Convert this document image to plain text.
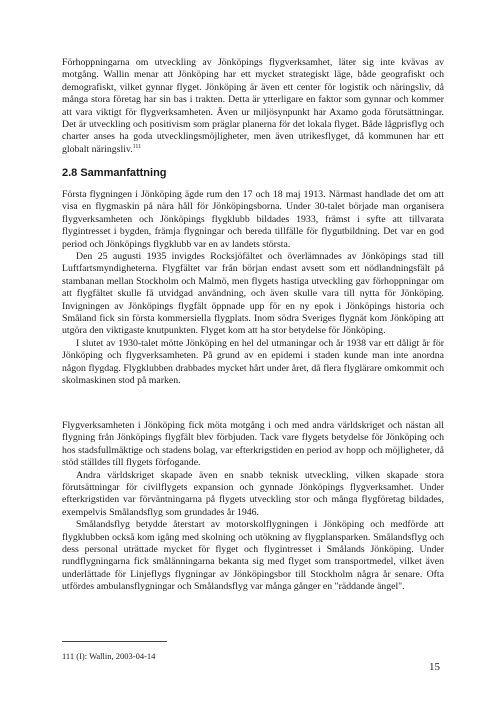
Förhoppningarna om utveckling av Jönköpings flygverksamhet, läter sig inte kvävas av motgång. Wallin menar att Jönköping har ett mycket strategiskt läge, både geografiskt och demografiskt, vilket gynnar flyget. Jönköping är även ett center för logistik och näringsliv, då många stora företag har sin bas i trakten. Detta är ytterligare en faktor som gynnar och kommer att vara viktigt för flygverksamheten. Även ur miljösynpunkt har Axamo goda förutsättningar. Det är utveckling och positivism som präglar planerna för det lokala flyget. Både lågprisflyg och charter anses ha goda utvecklingsmöjligheter, men även utrikesflyget, då kommunen har ett globalt näringsliv.$^{111}$

2.8 Sammanfattning

Första flygningen i Jönköping ägde rum den 17 och 18 maj 1913. Närmast handlade det om att visa en flygmaskin på nära håll för Jönköpingsborna. Under 30-talet började man organisera flygverksamheten och Jönköpings flygklubb bildades 1933, främst i syfte att tillvarata flygintresset i bygden, främja flygningar och bereda tillfälle för flygutbildning. Det var en god period och Jönköpings flygklubb var en av landets största.

Den 25 augusti 1935 invigdes Rocksjöfältet och överlämnades av Jönköpings stad till Luftfartsmyndigheterna. Flygfältet var från början endast avsett som ett nödlandningsfält på stambanan mellan Stockholm och Malmö, men flygets hastiga utveckling gav förhoppningar om att flygfältet skulle få utvidgad användning, och även skulle vara till nytta för Jönköping. Invigningen av Jönköpings flygfält öppnade upp för en ny epok i Jönköpings historia och Småland fick sin första kommersiella flygplats. Inom södra Sveriges flygnät kom Jönköping att utgöra den viktigaste knutpunkten. Flyget kom att ha stor betydelse för Jönköping.

I slutet av 1930-talet mötte Jönköping en hel del utmaningar och år 1938 var ett dåligt år för Jönköping och flygverksamheten. På grund av en epidemi i staden kunde man inte anordna någon flygdag. Flygklubben drabbades mycket hårt under året, då flera flyglärare omkommit och skolmaskinen stod på marken.

Flygverksamheten i Jönköping fick möta motgång i och med andra världskriget och nästan all flygning från Jönköpings flygfält blev förbjuden. Tack vare flygets betydelse för Jönköping och hos stadsfullmäktige och stadens bolag, var efterkrigstiden en period av hopp och möjligheter, då stöd ställdes till flygets förfogande.

Andra världskriget skapade även en snabb teknisk utveckling, vilken skapade stora förutsättningar för civilflygets expansion och gynnade Jönköpings flygverksamhet. Under efterkrigstiden var förväntningarna på flygets utveckling stor och många flygföretag bildades, exempelvis Smålandsflyg som grundades år 1946.

Smålandsflyg betydde återstart av motorskolflygningen i Jönköping och medförde att flygklubben också kom igång med skolning och utökning av flygplansparken. Smålandsflyg och dess personal uträttade mycket för flyget och flygintresset i Smålands Jönköping. Under rundflygningarna fick smålänningarna bekanta sig med flyget som transportmedel, vilket även underlättade för Linjeflygs flygningar av Jönköpingsbor till Stockholm några år senare. Ofta utfördes ambulansflygningar och Smålandsflyg var många gånger en "räddande ängel".

111 (I): Wallin, 2003-04-14
15
